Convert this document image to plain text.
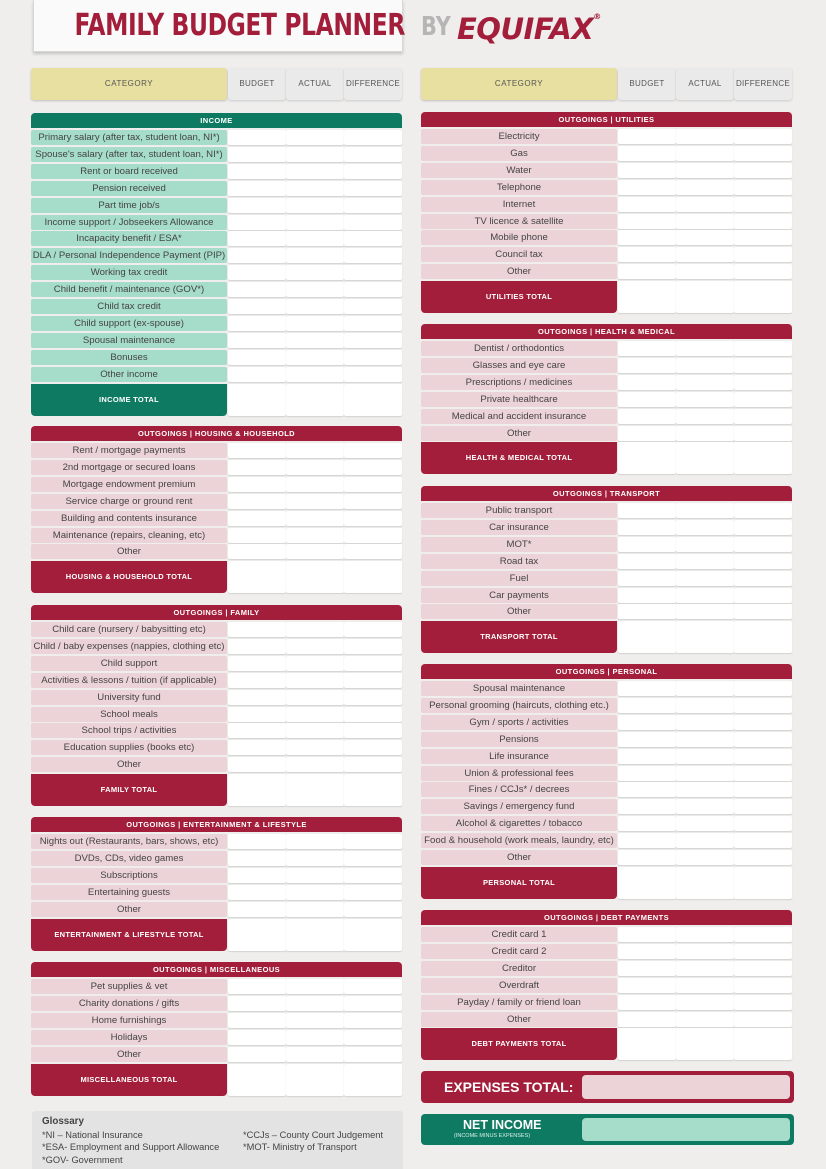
FAMILY BUDGET PLANNER BY EQUIFAX®
CATEGORY	BUDGET	ACTUAL	DIFFERENCE
INCOME
Primary salary (after tax, student loan, NI*)
Spouse's salary (after tax, student loan, NI*)
Rent or board received
Pension received
Part time job/s
Income support / Jobseekers Allowance
Incapacity benefit / ESA*
DLA / Personal Independence Payment (PIP)
Working tax credit
Child benefit / maintenance (GOV*)
Child tax credit
Child support (ex-spouse)
Spousal maintenance
Bonuses
Other income
INCOME TOTAL
OUTGOINGS | HOUSING & HOUSEHOLD
Rent / mortgage payments
2nd mortgage or secured loans
Mortgage endowment premium
Service charge or ground rent
Building and contents insurance
Maintenance (repairs, cleaning, etc)
Other
HOUSING & HOUSEHOLD TOTAL
OUTGOINGS | FAMILY
Child care (nursery / babysitting etc)
Child / baby expenses (nappies, clothing etc)
Child support
Activities & lessons / tuition (if applicable)
University fund
School meals
School trips / activities
Education supplies (books etc)
Other
FAMILY TOTAL
OUTGOINGS | ENTERTAINMENT & LIFESTYLE
Nights out (Restaurants, bars, shows, etc)
DVDs, CDs, video games
Subscriptions
Entertaining guests
Other
ENTERTAINMENT & LIFESTYLE TOTAL
OUTGOINGS | MISCELLANEOUS
Pet supplies & vet
Charity donations / gifts
Home furnishings
Holidays
Other
MISCELLANEOUS TOTAL
CATEGORY	BUDGET	ACTUAL	DIFFERENCE
OUTGOINGS | UTILITIES
Electricity
Gas
Water
Telephone
Internet
TV licence & satellite
Mobile phone
Council tax
Other
UTILITIES TOTAL
OUTGOINGS | HEALTH & MEDICAL
Dentist / orthodontics
Glasses and eye care
Prescriptions / medicines
Private healthcare
Medical and accident insurance
Other
HEALTH & MEDICAL TOTAL
OUTGOINGS | TRANSPORT
Public transport
Car insurance
MOT*
Road tax
Fuel
Car payments
Other
TRANSPORT TOTAL
OUTGOINGS | PERSONAL
Spousal maintenance
Personal grooming (haircuts, clothing etc.)
Gym / sports / activities
Pensions
Life insurance
Union & professional fees
Fines / CCJs* / decrees
Savings / emergency fund
Alcohol & cigarettes / tobacco
Food & household (work meals, laundry, etc)
Other
PERSONAL TOTAL
OUTGOINGS | DEBT PAYMENTS
Credit card 1
Credit card 2
Creditor
Overdraft
Payday / family or friend loan
Other
DEBT PAYMENTS TOTAL
EXPENSES TOTAL:
NET INCOME
(INCOME MINUS EXPENSES)
Glossary
*NI – National Insurance
*ESA- Employment and Support Allowance
*GOV- Government
*CCJs – County Court Judgement
*MOT- Ministry of Transport
